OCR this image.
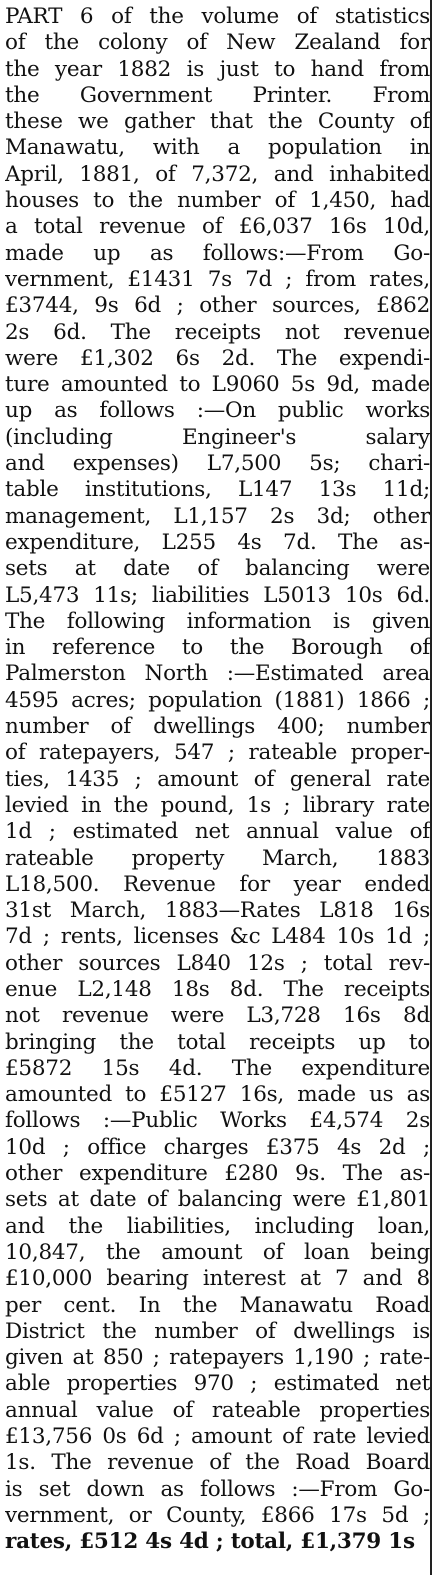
PART 6 of the volume of statistics
of the colony of New Zealand for
the year 1882 is just to hand from
the Government Printer. From
these we gather that the County of
Manawatu, with a population in
April, 1881, of 7,372, and inhabited
houses to the number of 1,450, had
a total revenue of £6,037 16s 10d,
made up as follows:—From Go-
vernment, £1431 7s 7d ; from rates,
£3744, 9s 6d ; other sources, £862
2s 6d. The receipts not revenue
were £1,302 6s 2d. The expendi-
ture amounted to L9060 5s 9d, made
up as follows :—On public works
(including Engineer's salary
and expenses) L7,500 5s; chari-
table institutions, L147 13s 11d;
management, L1,157 2s 3d; other
expenditure, L255 4s 7d. The as-
sets at date of balancing were
L5,473 11s; liabilities L5013 10s 6d.
The following information is given
in reference to the Borough of
Palmerston North :—Estimated area
4595 acres; population (1881) 1866 ;
number of dwellings 400; number
of ratepayers, 547 ; rateable proper-
ties, 1435 ; amount of general rate
levied in the pound, 1s ; library rate
1d ; estimated net annual value of
rateable property March, 1883
L18,500. Revenue for year ended
31st March, 1883—Rates L818 16s
7d ; rents, licenses &c L484 10s 1d ;
other sources L840 12s ; total rev-
enue L2,148 18s 8d. The receipts
not revenue were L3,728 16s 8d
bringing the total receipts up to
£5872 15s 4d. The expenditure
amounted to £5127 16s, made us as
follows :—Public Works £4,574 2s
10d ; office charges £375 4s 2d ;
other expenditure £280 9s. The as-
sets at date of balancing were £1,801
and the liabilities, including loan,
10,847, the amount of loan being
£10,000 bearing interest at 7 and 8
per cent. In the Manawatu Road
District the number of dwellings is
given at 850 ; ratepayers 1,190 ; rate-
able properties 970 ; estimated net
annual value of rateable properties
£13,756 0s 6d ; amount of rate levied
1s. The revenue of the Road Board
is set down as follows :—From Go-
vernment, or County, £866 17s 5d ;
rates, £512 4s 4d ; total, £1,379 1s
